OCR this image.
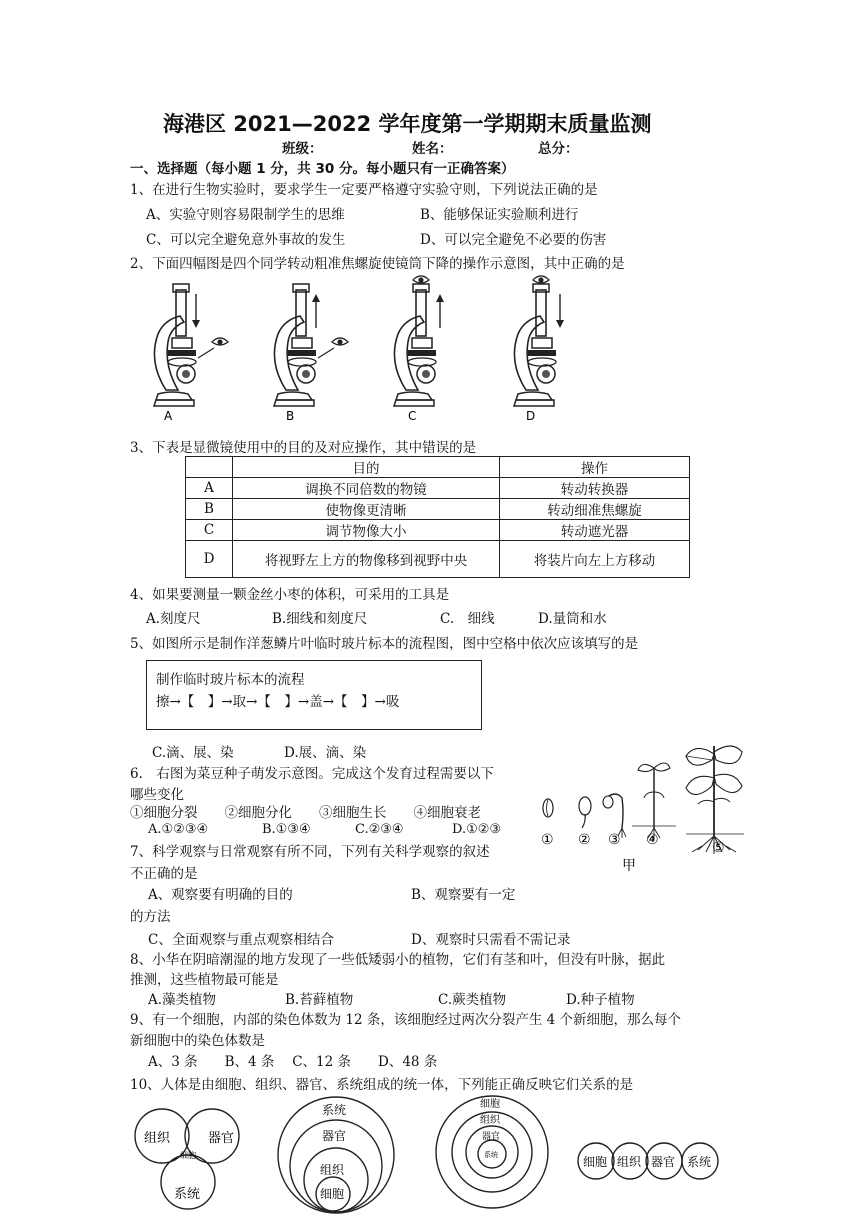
海港区 2021—2022 学年度第一学期期末质量监测
班级：	姓名：	总分：
一、选择题（每小题 1 分，共 30 分。每小题只有一正确答案）
1、在进行生物实验时，要求学生一定要严格遵守实验守则，下列说法正确的是
A、实验守则容易限制学生的思维	B、能够保证实验顺利进行
C、可以完全避免意外事故的发生	D、可以完全避免不必要的伤害
2、下面四幅图是四个同学转动粗准焦螺旋使镜筒下降的操作示意图，其中正确的是
A	B	C	D
3、下表是显微镜使用中的目的及对应操作，其中错误的是
	目的	操作
A	调换不同倍数的物镜	转动转换器
B	使物像更清晰	转动细准焦螺旋
C	调节物像大小	转动遮光器
D	将视野左上方的物像移到视野中央	将装片向左上方移动
4、如果要测量一颗金丝小枣的体积，可采用的工具是
A.刻度尺	B.细线和刻度尺	C.　细线	D.量筒和水
5、如图所示是制作洋葱鳞片叶临时玻片标本的流程图，图中空格中依次应该填写的是
制作临时玻片标本的流程
擦→【　】→取→【　】→盖→【　】→吸
C.滴、展、染	D.展、滴、染
6.　右图为菜豆种子萌发示意图。完成这个发育过程需要以下
哪些变化
①细胞分裂　　②细胞分化　　③细胞生长　　④细胞衰老
A.①②③④	B.①③④	C.②③④	D.①②③
① ② ③ ④	⑤
甲
7、科学观察与日常观察有所不同，下列有关科学观察的叙述
不正确的是
A、观察要有明确的目的	B、观察要有一定
的方法
C、全面观察与重点观察相结合	D、观察时只需看不需记录
8、小华在阴暗潮湿的地方发现了一些低矮弱小的植物，它们有茎和叶，但没有叶脉，据此
推测，这些植物最可能是
A.藻类植物	B.苔藓植物	C.蕨类植物	D.种子植物
9、有一个细胞，内部的染色体数为 12 条，该细胞经过两次分裂产生 4 个新细胞，那么每个
新细胞中的染色体数是
A、3 条　　B、4 条　 C、12 条　　D、48 条
10、人体是由细胞、组织、器官、系统组成的统一体，下列能正确反映它们关系的是
组织	器官
细胞
系统
系统
器官
组织
细胞
细胞
组织
器官
系统	细胞 组织 器官 系统
